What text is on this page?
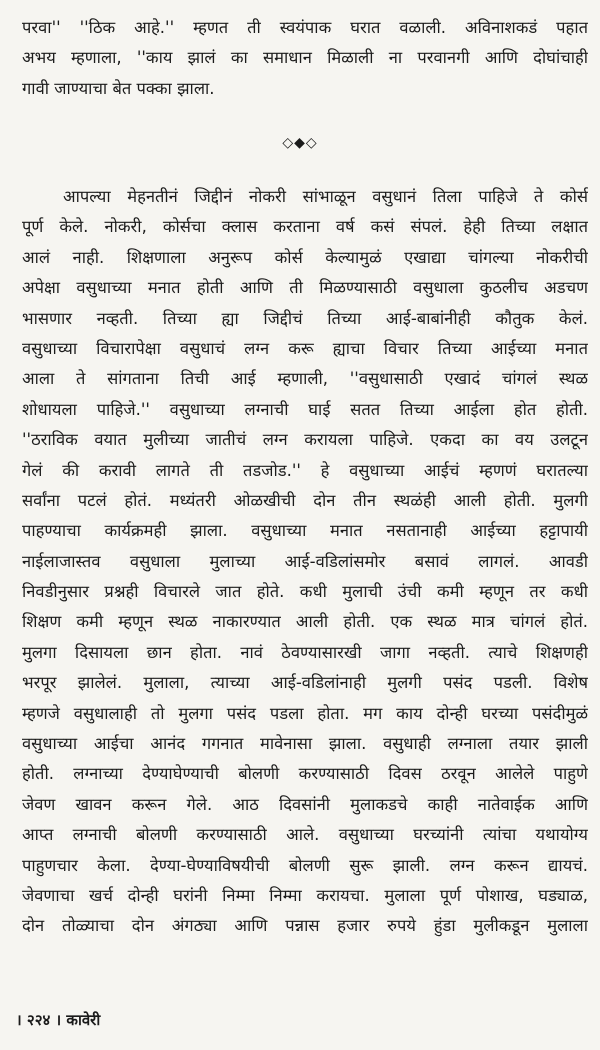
परवा'' ''ठिक आहे.'' म्हणत ती स्वयंपाक घरात वळाली. अविनाशकडं पहात
अभय म्हणाला, ''काय झालं का समाधान मिळाली ना परवानगी आणि दोघांचाही
गावी जाण्याचा बेत पक्का झाला.
◇◆◇
आपल्या मेहनतीनं जिद्दीनं नोकरी सांभाळून वसुधानं तिला पाहिजे ते कोर्स
पूर्ण केले. नोकरी, कोर्सचा क्लास करताना वर्ष कसं संपलं. हेही तिच्या लक्षात
आलं नाही. शिक्षणाला अनुरूप कोर्स केल्यामुळं एखाद्या चांगल्या नोकरीची
अपेक्षा वसुधाच्या मनात होती आणि ती मिळण्यासाठी वसुधाला कुठलीच अडचण
भासणार नव्हती. तिच्या ह्या जिद्दीचं तिच्या आई-बाबांनीही कौतुक केलं.
वसुधाच्या विचारापेक्षा वसुधाचं लग्न करू ह्याचा विचार तिच्या आईच्या मनात
आला ते सांगताना तिची आई म्हणाली, ''वसुधासाठी एखादं चांगलं स्थळ
शोधायला पाहिजे.'' वसुधाच्या लग्नाची घाई सतत तिच्या आईला होत होती.
''ठराविक वयात मुलीच्या जातीचं लग्न करायला पाहिजे. एकदा का वय उलटून
गेलं की करावी लागते ती तडजोड.'' हे वसुधाच्या आईचं म्हणणं घरातल्या
सर्वांना पटलं होतं. मध्यंतरी ओळखीची दोन तीन स्थळंही आली होती. मुलगी
पाहण्याचा कार्यक्रमही झाला. वसुधाच्या मनात नसतानाही आईच्या हट्टापायी
नाईलाजास्तव वसुधाला मुलाच्या आई-वडिलांसमोर बसावं लागलं. आवडी
निवडीनुसार प्रश्नही विचारले जात होते. कधी मुलाची उंची कमी म्हणून तर कधी
शिक्षण कमी म्हणून स्थळ नाकारण्यात आली होती. एक स्थळ मात्र चांगलं होतं.
मुलगा दिसायला छान होता. नावं ठेवण्यासारखी जागा नव्हती. त्याचे शिक्षणही
भरपूर झालेलं. मुलाला, त्याच्या आई-वडिलांनाही मुलगी पसंद पडली. विशेष
म्हणजे वसुधालाही तो मुलगा पसंद पडला होता. मग काय दोन्ही घरच्या पसंदीमुळं
वसुधाच्या आईचा आनंद गगनात मावेनासा झाला. वसुधाही लग्नाला तयार झाली
होती. लग्नाच्या देण्याघेण्याची बोलणी करण्यासाठी दिवस ठरवून आलेले पाहुणे
जेवण खावन करून गेले. आठ दिवसांनी मुलाकडचे काही नातेवाईक आणि
आप्त लग्नाची बोलणी करण्यासाठी आले. वसुधाच्या घरच्यांनी त्यांचा यथायोग्य
पाहुणचार केला. देण्या-घेण्याविषयीची बोलणी सुरू झाली. लग्न करून द्यायचं.
जेवणाचा खर्च दोन्ही घरांनी निम्मा निम्मा करायचा. मुलाला पूर्ण पोशाख, घड्याळ,
दोन तोळ्याचा दोन अंगठ्या आणि पन्नास हजार रुपये हुंडा मुलीकडून मुलाला
। २२४ । कावेरी
